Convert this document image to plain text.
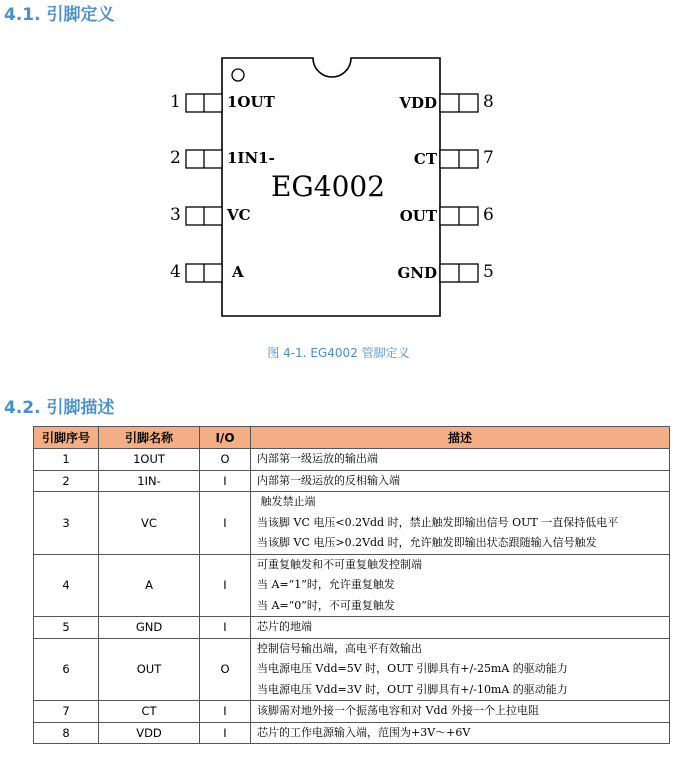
4.1. 引脚定义
1	1OUT
2	1IN1-
3	VC
4	A
8
VDD
7
CT
6
OUT
5
GND
EG4002
图 4-1. EG4002 管脚定义
4.2. 引脚描述
引脚序号	引脚名称	I/O	描述
1	1OUT	O	内部第一级运放的输出端

2	1IN-	I	内部第一级运放的反相输入端

3	VC	I	触发禁止端
当该脚 VC 电压<0.2Vdd 时，禁止触发即输出信号 OUT 一直保持低电平
当该脚 VC 电压>0.2Vdd 时，允许触发即输出状态跟随输入信号触发

4	A	I	可重复触发和不可重复触发控制端
当 A=“1”时，允许重复触发
当 A=“0”时，不可重复触发

5	GND	I	芯片的地端

6	OUT	O	控制信号输出端，高电平有效输出
当电源电压 Vdd=5V 时，OUT 引脚具有+/-25mA 的驱动能力
当电源电压 Vdd=3V 时，OUT 引脚具有+/-10mA 的驱动能力

7	CT	I	该脚需对地外接一个振荡电容和对 Vdd 外接一个上拉电阻

8	VDD	I	芯片的工作电源输入端，范围为+3V～+6V
